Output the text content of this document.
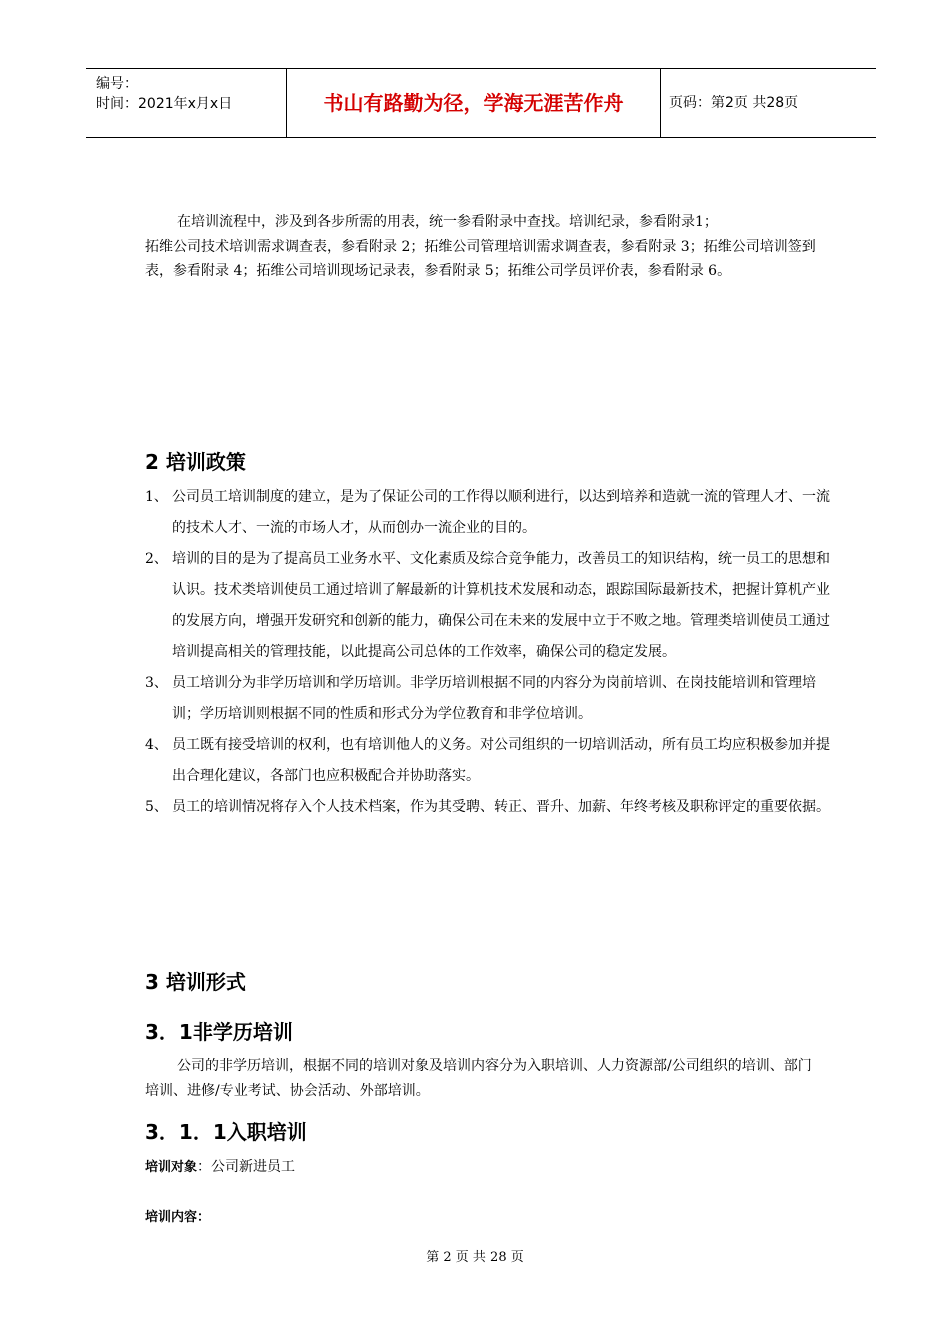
编号：
时间：2021年x月x日	书山有路勤为径，学海无涯苦作舟	页码：第2页 共28页

在培训流程中，涉及到各步所需的用表，统一参看附录中查找。培训纪录，参看附录1；

拓维公司技术培训需求调查表，参看附录 2；拓维公司管理培训需求调查表，参看附录 3；拓维公司培训签到表，参看附录 4；拓维公司培训现场记录表，参看附录 5；拓维公司学员评价表，参看附录 6。

2 培训政策
1、 公司员工培训制度的建立，是为了保证公司的工作得以顺利进行，以达到培养和造就一流的管理人才、一流的技术人才、一流的市场人才，从而创办一流企业的目的。
2、 培训的目的是为了提高员工业务水平、文化素质及综合竞争能力，改善员工的知识结构，统一员工的思想和认识。技术类培训使员工通过培训了解最新的计算机技术发展和动态，跟踪国际最新技术，把握计算机产业的发展方向，增强开发研究和创新的能力，确保公司在未来的发展中立于不败之地。管理类培训使员工通过培训提高相关的管理技能，以此提高公司总体的工作效率，确保公司的稳定发展。
3、 员工培训分为非学历培训和学历培训。非学历培训根据不同的内容分为岗前培训、在岗技能培训和管理培训；学历培训则根据不同的性质和形式分为学位教育和非学位培训。
4、 员工既有接受培训的权利，也有培训他人的义务。对公司组织的一切培训活动，所有员工均应积极参加并提出合理化建议，各部门也应积极配合并协助落实。
5、 员工的培训情况将存入个人技术档案，作为其受聘、转正、晋升、加薪、年终考核及职称评定的重要依据。
3 培训形式
3．1非学历培训
公司的非学历培训，根据不同的培训对象及培训内容分为入职培训、人力资源部/公司组织的培训、部门培训、进修/专业考试、协会活动、外部培训。
3．1．1入职培训
培训对象：公司新进员工
培训内容：
第 2 页 共 28 页
